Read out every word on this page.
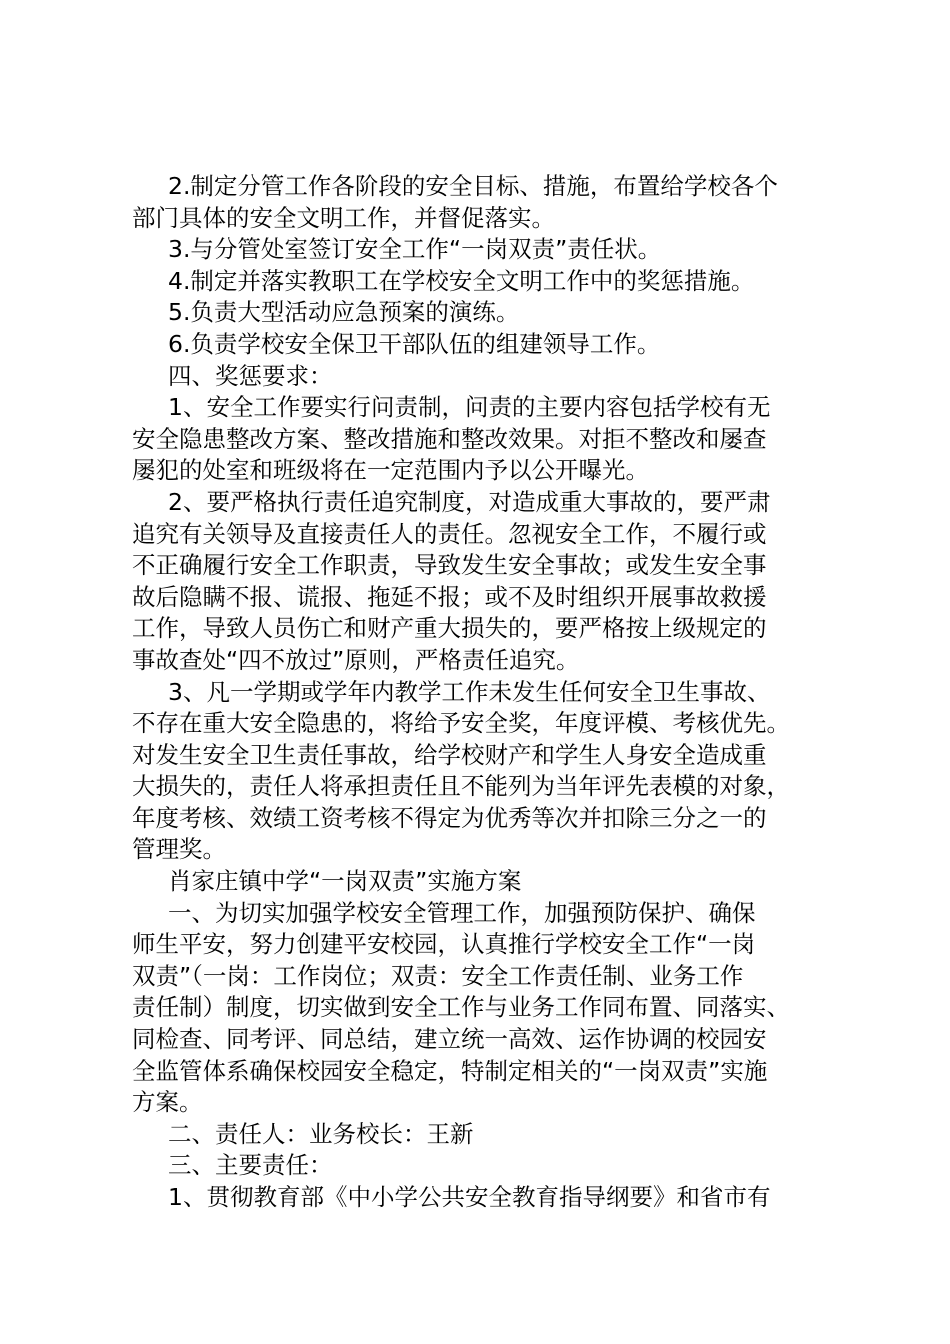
2.制定分管工作各阶段的安全目标、措施，布置给学校各个
部门具体的安全文明工作，并督促落实。

3.与分管处室签订安全工作“一岗双责”责任状。

4.制定并落实教职工在学校安全文明工作中的奖惩措施。

5.负责大型活动应急预案的演练。

6.负责学校安全保卫干部队伍的组建领导工作。

四、奖惩要求：

1、安全工作要实行问责制，问责的主要内容包括学校有无
安全隐患整改方案、整改措施和整改效果。对拒不整改和屡查
屡犯的处室和班级将在一定范围内予以公开曝光。

2、要严格执行责任追究制度，对造成重大事故的，要严肃
追究有关领导及直接责任人的责任。忽视安全工作，不履行或
不正确履行安全工作职责，导致发生安全事故；或发生安全事
故后隐瞒不报、谎报、拖延不报；或不及时组织开展事故救援
工作，导致人员伤亡和财产重大损失的，要严格按上级规定的
事故查处“四不放过”原则，严格责任追究。

3、凡一学期或学年内教学工作未发生任何安全卫生事故、
不存在重大安全隐患的，将给予安全奖，年度评模、考核优先。
对发生安全卫生责任事故，给学校财产和学生人身安全造成重
大损失的，责任人将承担责任且不能列为当年评先表模的对象，
年度考核、效绩工资考核不得定为优秀等次并扣除三分之一的
管理奖。

肖家庄镇中学“一岗双责”实施方案

一、为切实加强学校安全管理工作，加强预防保护、确保
师生平安，努力创建平安校园，认真推行学校安全工作“一岗
双责”（一岗：工作岗位；双责：安全工作责任制、业务工作
责任制）制度，切实做到安全工作与业务工作同布置、同落实、
同检查、同考评、同总结，建立统一高效、运作协调的校园安
全监管体系确保校园安全稳定，特制定相关的“一岗双责”实施
方案。

二、责任人：业务校长：王新

三、主要责任：

1、贯彻教育部《中小学公共安全教育指导纲要》和省市有
